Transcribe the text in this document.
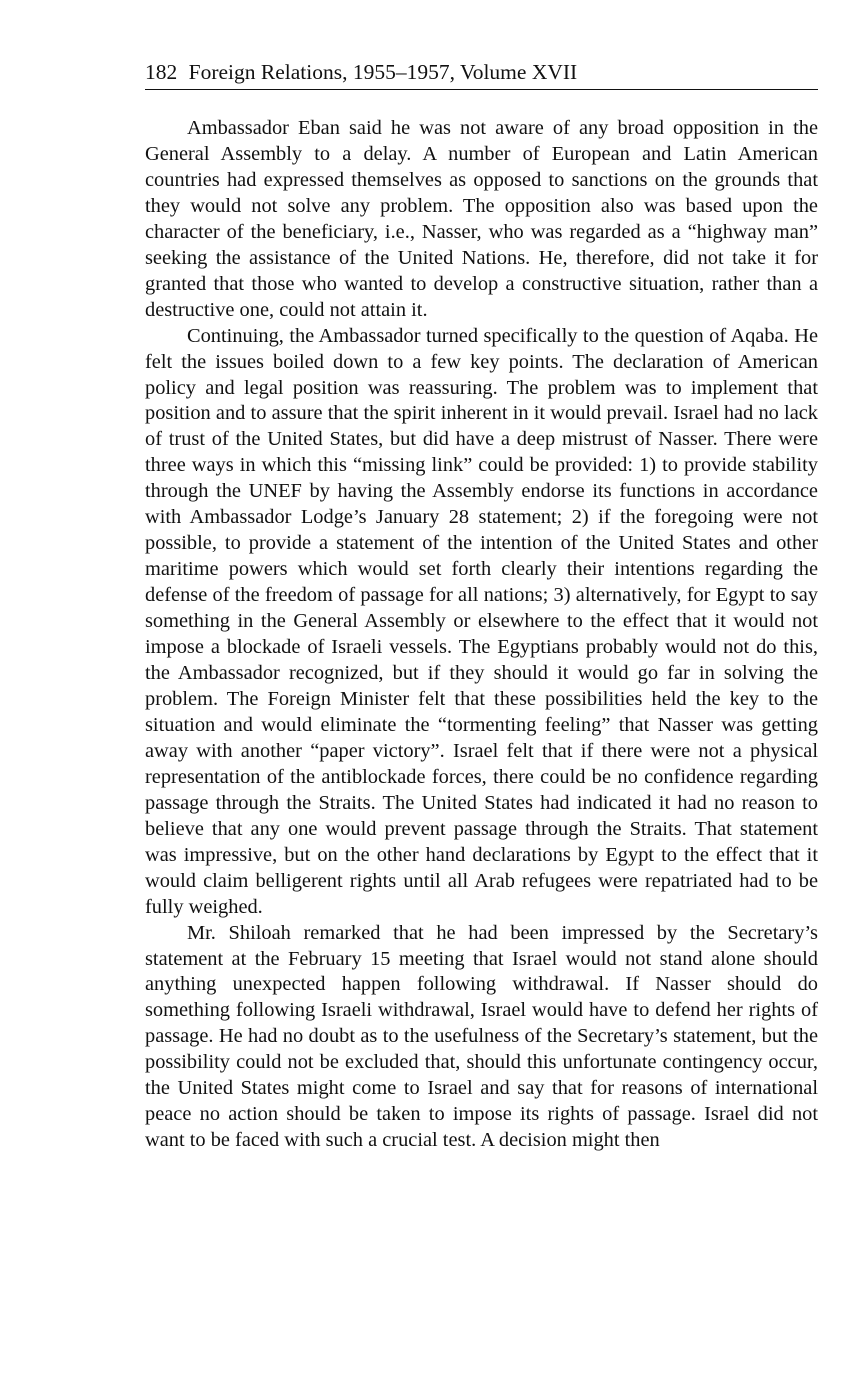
182 Foreign Relations, 1955–1957, Volume XVII

Ambassador Eban said he was not aware of any broad opposition in the General Assembly to a delay. A number of European and Latin American countries had expressed themselves as opposed to sanctions on the grounds that they would not solve any problem. The opposition also was based upon the character of the beneficiary, i.e., Nasser, who was regarded as a “highway man” seeking the assistance of the United Nations. He, therefore, did not take it for granted that those who wanted to develop a constructive situation, rather than a destructive one, could not attain it.

Continuing, the Ambassador turned specifically to the question of Aqaba. He felt the issues boiled down to a few key points. The declaration of American policy and legal position was reassuring. The problem was to implement that position and to assure that the spirit inherent in it would prevail. Israel had no lack of trust of the United States, but did have a deep mistrust of Nasser. There were three ways in which this “missing link” could be provided: 1) to provide stability through the UNEF by having the Assembly endorse its functions in accordance with Ambassador Lodge’s January 28 statement; 2) if the foregoing were not possible, to provide a statement of the intention of the United States and other maritime powers which would set forth clearly their intentions regarding the defense of the freedom of passage for all nations; 3) alternatively, for Egypt to say something in the General Assembly or elsewhere to the effect that it would not impose a blockade of Israeli vessels. The Egyptians probably would not do this, the Ambassador recognized, but if they should it would go far in solving the problem. The Foreign Minister felt that these possibilities held the key to the situation and would eliminate the “tormenting feeling” that Nasser was getting away with another “paper victory”. Israel felt that if there were not a physical representation of the antiblockade forces, there could be no confidence regarding passage through the Straits. The United States had indicated it had no reason to believe that any one would prevent passage through the Straits. That statement was impressive, but on the other hand declarations by Egypt to the effect that it would claim belligerent rights until all Arab refugees were repatriated had to be fully weighed.

Mr. Shiloah remarked that he had been impressed by the Secretary’s statement at the February 15 meeting that Israel would not stand alone should anything unexpected happen following withdrawal. If Nasser should do something following Israeli withdrawal, Israel would have to defend her rights of passage. He had no doubt as to the usefulness of the Secretary’s statement, but the possibility could not be excluded that, should this unfortunate contingency occur, the United States might come to Israel and say that for reasons of international peace no action should be taken to impose its rights of passage. Israel did not want to be faced with such a crucial test. A decision might then
